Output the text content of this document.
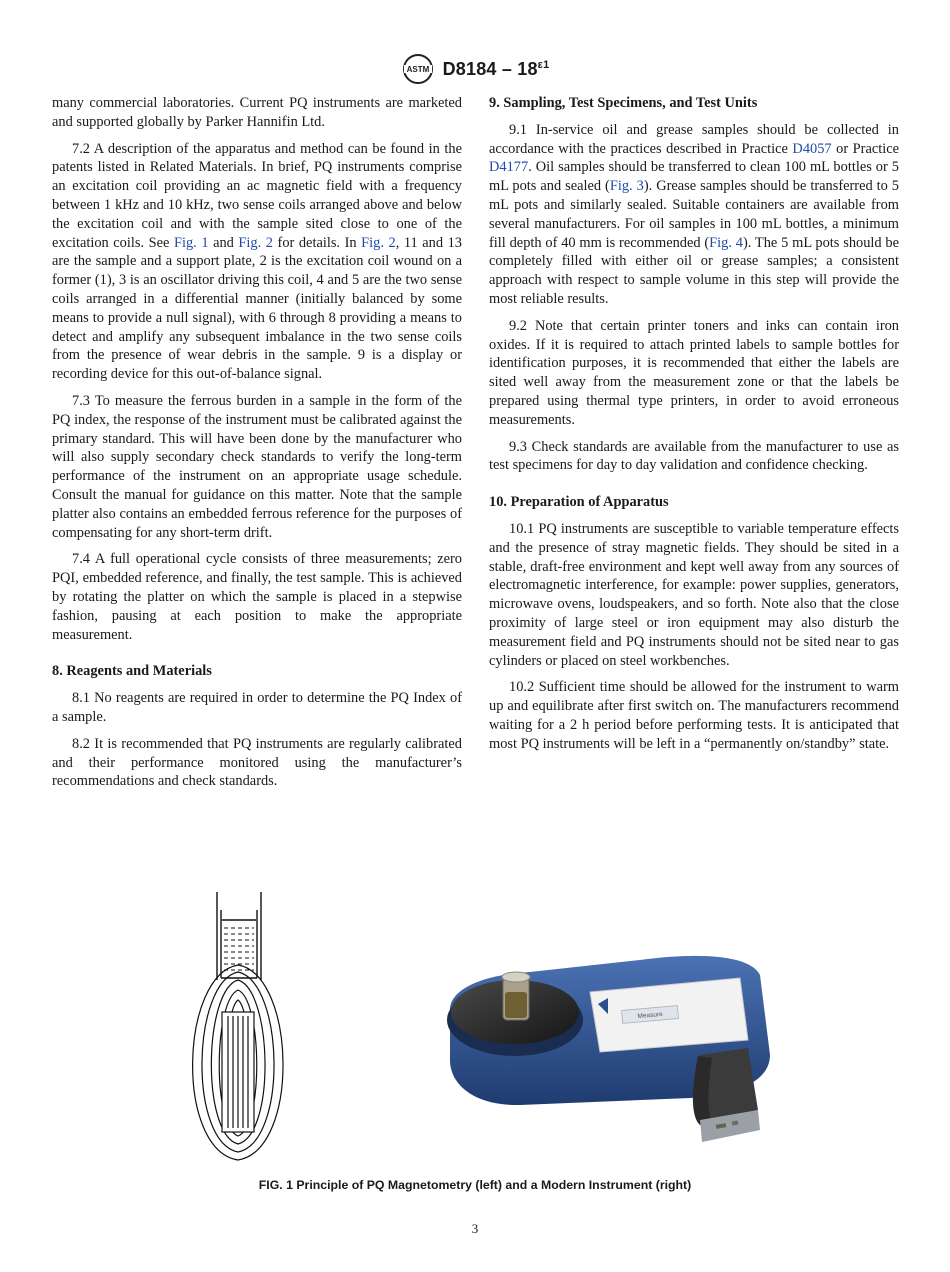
ASTM $D8184 - 18^{\varepsilon 1}$

many commercial laboratories. Current PQ instruments are marketed and supported globally by Parker Hannifin Ltd.

7.2 A description of the apparatus and method can be found in the patents listed in Related Materials. In brief, PQ instruments comprise an excitation coil providing an ac magnetic field with a frequency between 1 kHz and 10 kHz, two sense coils arranged above and below the excitation coil and with the sample sited close to one of the excitation coils. See Fig. 1 and Fig. 2 for details. In Fig. 2, 11 and 13 are the sample and a support plate, 2 is the excitation coil wound on a former (1), 3 is an oscillator driving this coil, 4 and 5 are the two sense coils arranged in a differential manner (initially balanced by some means to provide a null signal), with 6 through 8 providing a means to detect and amplify any subsequent imbalance in the two sense coils from the presence of wear debris in the sample. 9 is a display or recording device for this out-of-balance signal.

7.3 To measure the ferrous burden in a sample in the form of the PQ index, the response of the instrument must be calibrated against the primary standard. This will have been done by the manufacturer who will also supply secondary check standards to verify the long-term performance of the instrument on an appropriate usage schedule. Consult the manual for guidance on this matter. Note that the sample platter also contains an embedded ferrous reference for the purposes of compensating for any short-term drift.

7.4 A full operational cycle consists of three measurements; zero PQI, embedded reference, and finally, the test sample. This is achieved by rotating the platter on which the sample is placed in a stepwise fashion, pausing at each position to make the appropriate measurement.

8. Reagents and Materials

8.1 No reagents are required in order to determine the PQ Index of a sample.

8.2 It is recommended that PQ instruments are regularly calibrated and their performance monitored using the manufacturer’s recommendations and check standards.

9. Sampling, Test Specimens, and Test Units

9.1 In-service oil and grease samples should be collected in accordance with the practices described in Practice D4057 or Practice D4177. Oil samples should be transferred to clean 100 mL bottles or 5 mL pots and sealed (Fig. 3). Grease samples should be transferred to 5 mL pots and similarly sealed. Suitable containers are available from several manufacturers. For oil samples in 100 mL bottles, a minimum fill depth of 40 mm is recommended (Fig. 4). The 5 mL pots should be completely filled with either oil or grease samples; a consistent approach with respect to sample volume in this step will provide the most reliable results.

9.2 Note that certain printer toners and inks can contain iron oxides. If it is required to attach printed labels to sample bottles for identification purposes, it is recommended that either the labels are sited well away from the measurement zone or that the labels be prepared using thermal type printers, in order to avoid erroneous measurements.

9.3 Check standards are available from the manufacturer to use as test specimens for day to day validation and confidence checking.

10. Preparation of Apparatus

10.1 PQ instruments are susceptible to variable temperature effects and the presence of stray magnetic fields. They should be sited in a stable, draft-free environment and kept well away from any sources of electromagnetic interference, for example: power supplies, generators, microwave ovens, loudspeakers, and so forth. Note also that the close proximity of large steel or iron equipment may also disturb the measurement field and PQ instruments should not be sited near to gas cylinders or placed on steel workbenches.

10.2 Sufficient time should be allowed for the instrument to warm up and equilibrate after first switch on. The manufacturers recommend waiting for a 2 h period before performing tests. It is anticipated that most PQ instruments will be left in a “permanently on/standby” state.

Measure
FIG. 1 Principle of PQ Magnetometry (left) and a Modern Instrument (right)
3
